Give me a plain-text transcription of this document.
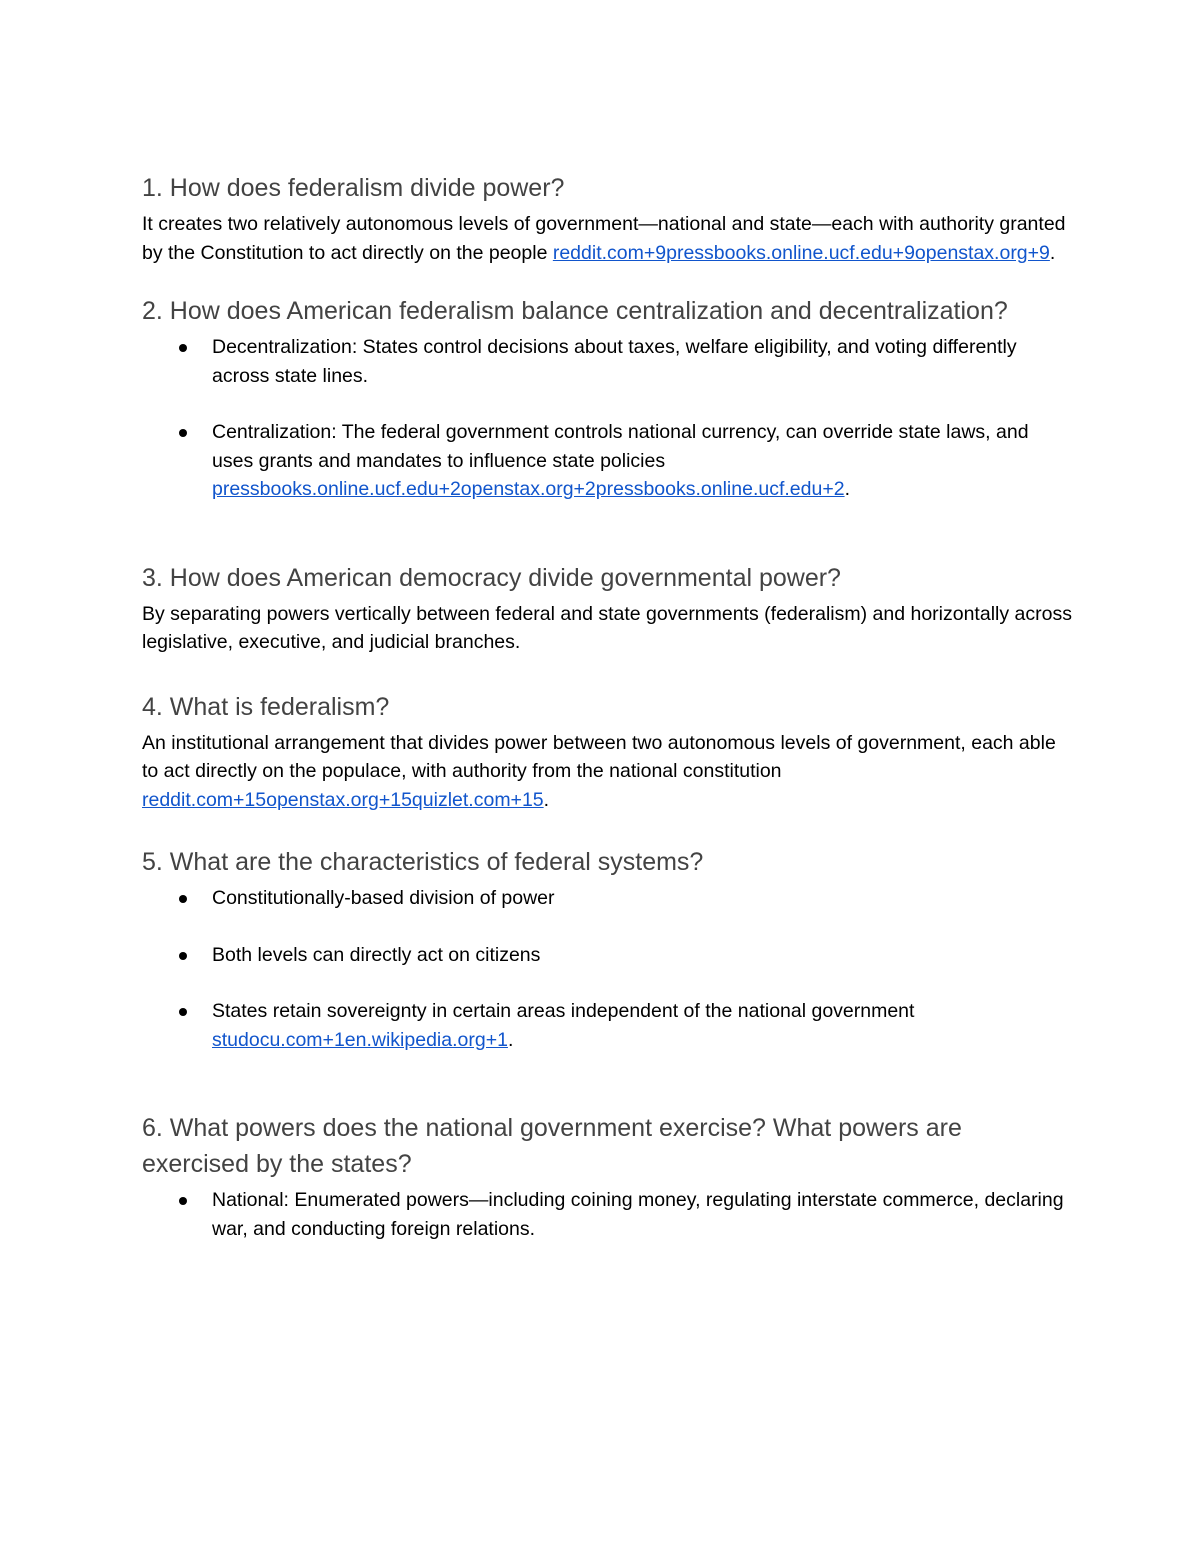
1. How does federalism divide power?

It creates two relatively autonomous levels of government—national and state—each with authority granted by the Constitution to act directly on the people reddit.com+9pressbooks.online.ucf.edu+9openstax.org+9.

2. How does American federalism balance centralization and decentralization?
Decentralization: States control decisions about taxes, welfare eligibility, and voting differently across state lines.
Centralization: The federal government controls national currency, can override state laws, and uses grants and mandates to influence state policies pressbooks.online.ucf.edu+2openstax.org+2pressbooks.online.ucf.edu+2.
3. How does American democracy divide governmental power?

By separating powers vertically between federal and state governments (federalism) and horizontally across legislative, executive, and judicial branches.

4. What is federalism?

An institutional arrangement that divides power between two autonomous levels of government, each able to act directly on the populace, with authority from the national constitution reddit.com+15openstax.org+15quizlet.com+15.

5. What are the characteristics of federal systems?
Constitutionally-based division of power
Both levels can directly act on citizens
States retain sovereignty in certain areas independent of the national government studocu.com+1en.wikipedia.org+1.
6. What powers does the national government exercise? What powers are exercised by the states?
National: Enumerated powers—including coining money, regulating interstate commerce, declaring war, and conducting foreign relations.
